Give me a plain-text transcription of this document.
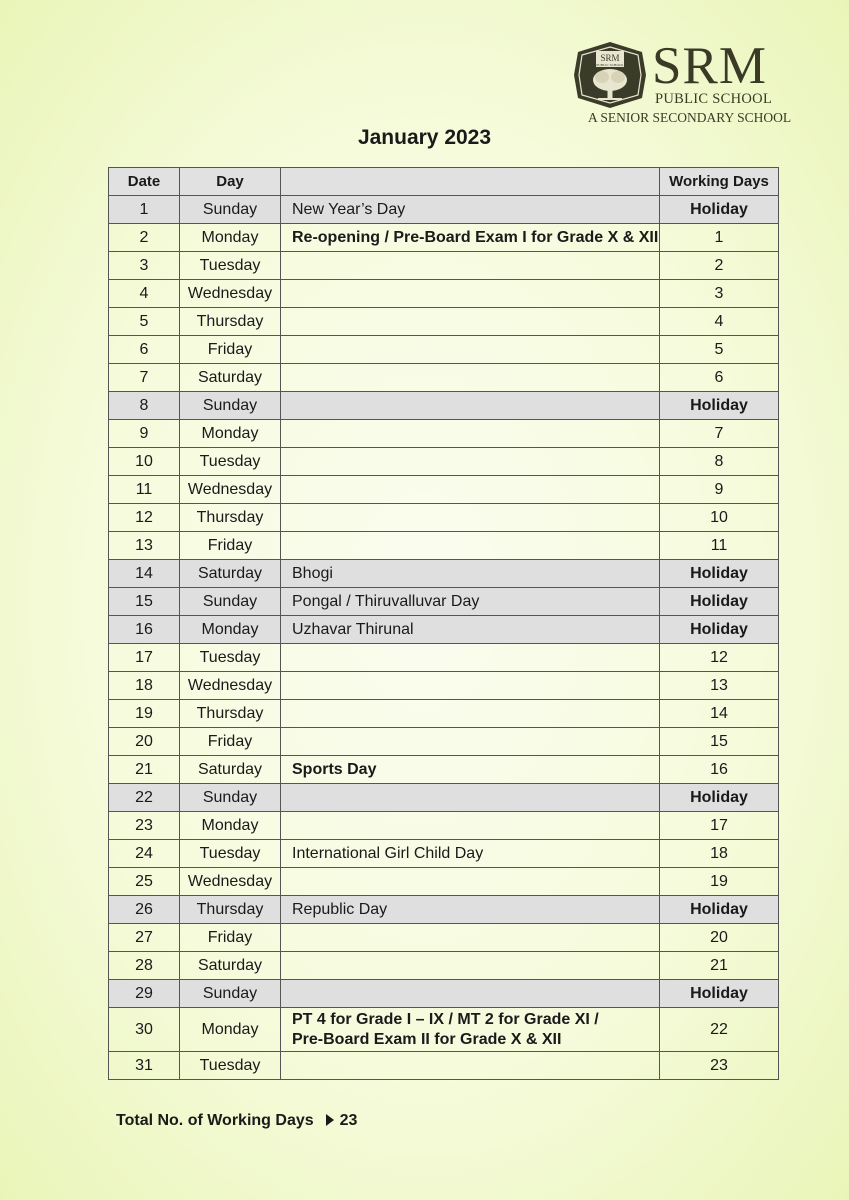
SRM
PUBLIC SCHOOL SRM
PUBLIC SCHOOL
A SENIOR SECONDARY SCHOOL
January 2023
Date	Day		Working Days
1	Sunday	New Year’s Day	Holiday
2	Monday	Re-opening / Pre-Board Exam I for Grade X & XII	1
3	Tuesday		2
4	Wednesday		3
5	Thursday		4
6	Friday		5
7	Saturday		6
8	Sunday		Holiday
9	Monday		7
10	Tuesday		8
11	Wednesday		9
12	Thursday		10
13	Friday		11
14	Saturday	Bhogi	Holiday
15	Sunday	Pongal / Thiruvalluvar Day	Holiday
16	Monday	Uzhavar Thirunal	Holiday
17	Tuesday		12
18	Wednesday		13
19	Thursday		14
20	Friday		15
21	Saturday	Sports Day	16
22	Sunday		Holiday
23	Monday		17
24	Tuesday	International Girl Child Day	18
25	Wednesday		19
26	Thursday	Republic Day	Holiday
27	Friday		20
28	Saturday		21
29	Sunday		Holiday
30	Monday	PT 4 for Grade I – IX / MT 2 for Grade XI /
Pre-Board Exam II for Grade X & XII	22
31	Tuesday		23
Total No. of Working Days 23
